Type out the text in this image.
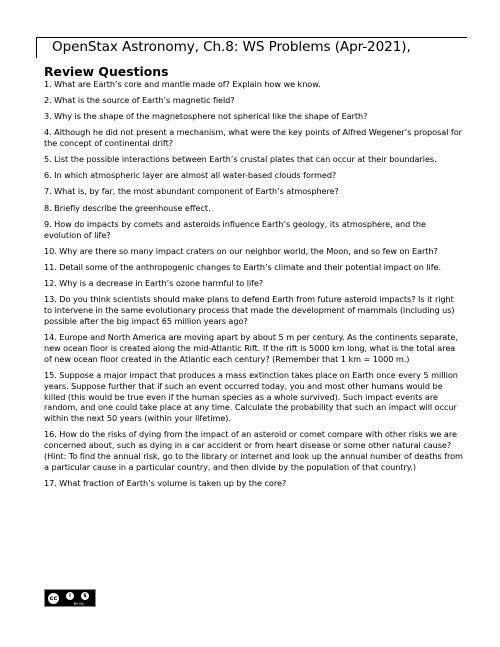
OpenStax Astronomy, Ch.8: WS Problems (Apr-2021),
Review Questions
1. What are Earth’s core and mantle made of? Explain how we know.
2. What is the source of Earth’s magnetic field?
3. Why is the shape of the magnetosphere not spherical like the shape of Earth?
4. Although he did not present a mechanism, what were the key points of Alfred Wegener’s proposal for the concept of continental drift?
5. List the possible interactions between Earth’s crustal plates that can occur at their boundaries.
6. In which atmospheric layer are almost all water-based clouds formed?
7. What is, by far, the most abundant component of Earth’s atmosphere?
8. Briefly describe the greenhouse effect.
9. How do impacts by comets and asteroids influence Earth’s geology, its atmosphere, and the evolution of life?
10. Why are there so many impact craters on our neighbor world, the Moon, and so few on Earth?
11. Detail some of the anthropogenic changes to Earth’s climate and their potential impact on life.
12. Why is a decrease in Earth’s ozone harmful to life?
13. Do you think scientists should make plans to defend Earth from future asteroid impacts? Is it right to intervene in the same evolutionary process that made the development of mammals (including us) possible after the big impact 65 million years ago?
14. Europe and North America are moving apart by about 5 m per century. As the continents separate, new ocean floor is created along the mid-Atlantic Rift. If the rift is 5000 km long, what is the total area of new ocean floor created in the Atlantic each century? (Remember that 1 km = 1000 m.)
15. Suppose a major impact that produces a mass extinction takes place on Earth once every 5 million years. Suppose further that if such an event occurred today, you and most other humans would be killed (this would be true even if the human species as a whole survived). Such impact events are random, and one could take place at any time. Calculate the probability that such an impact will occur within the next 50 years (within your lifetime).
16. How do the risks of dying from the impact of an asteroid or comet compare with other risks we are concerned about, such as dying in a car accident or from heart disease or some other natural cause? (Hint: To find the annual risk, go to the library or internet and look up the annual number of deaths from a particular cause in a particular country, and then divide by the population of that country.)
17. What fraction of Earth’s volume is taken up by the core?
cc	i	$
BY NC
